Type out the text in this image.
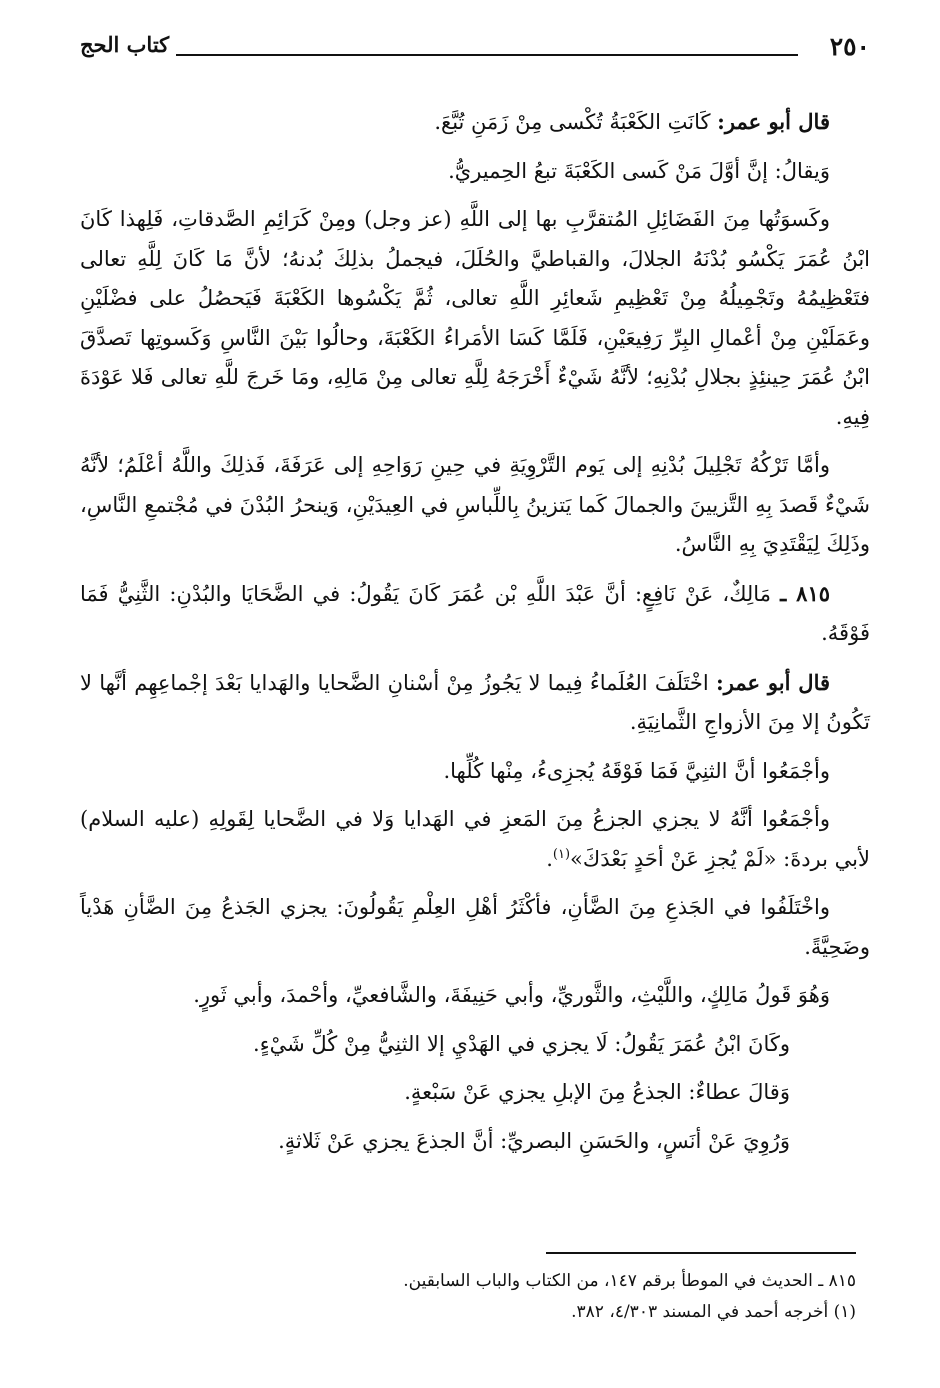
٢٥٠
كتاب الحج

قال أبو عمر: كَانَتِ الكَعْبَةُ تُكْسى مِنْ زَمَنِ تُبَّعَ.

وَيقالُ: إنَّ أوَّلَ مَنْ كَسى الكَعْبَةَ تبعُ الحِميريُّ.

وكَسوَتُها مِنَ الفَضَائِلِ المُتقرَّبِ بها إلى اللَّهِ (عز وجل) ومِنْ كَرَائِمِ الصَّدقاتِ، فَلِهذا كَانَ ابْنُ عُمَرَ يَكْسُو بُدْنَهُ الجلالَ، والقباطيَّ والحُلَلَ، فيجملُ بذلِكَ بُدنهُ؛ لأنَّ مَا كَانَ لِلَّهِ تعالى فتَعْظِيمُهُ وتَجْمِيلُهُ مِنْ تَعْظِيمِ شَعائِرِ اللَّهِ تعالى، ثُمَّ يَكْسُوها الكَعْبَةَ فَيَحصُلُ على فضْلَيْنِ وعَمَلَيْنِ مِنْ أعْمالِ البِرِّ رَفِيعَيْنِ، فَلَمَّا كَسَا الأمَراءُ الكَعْبَةَ، وحالُوا بَيْنَ النَّاسِ وَكَسوتِها تَصدَّقَ ابْنُ عُمَرَ حِينئِذٍ بجلالِ بُدْنِهِ؛ لأنَّهُ شَيْءٌ أَخْرَجَهُ لِلَّهِ تعالى مِنْ مَالِهِ، ومَا خَرجَ للَّهِ تعالى فَلا عَوْدَةَ فِيهِ.

وأمَّا تَرْكُهُ تَجْلِيلَ بُدْنِهِ إلى يَوم التَّرْوِيَةِ في حِينِ رَوَاحِهِ إلى عَرَفَةَ، فَذلِكَ واللَّهُ أعْلَمُ؛ لأنَّهُ شَيْءٌ قَصدَ بِهِ التَّزيينَ والجمالَ كَما يَتزينُ بِاللِّباسِ في العِيدَيْنِ، وَينحرُ البُدْنَ في مُجْتمعِ النَّاسِ، وذَلِكَ لِيَقْتَدِيَ بِهِ النَّاسُ.

٨١٥ ـ مَالِكٌ، عَنْ نَافِعٍ: أنَّ عَبْدَ اللَّهِ بْن عُمَرَ كَانَ يَقُولُ: في الضَّحَايَا والبُدْنِ: الثَّنِيُّ فَمَا فَوْقَهُ.

قال أبو عمر: اخْتَلَفَ العُلَماءُ فِيما لا يَجُوزُ مِنْ أسْنانِ الضَّحايا والهَدايا بَعْدَ إجْماعِهِم أنَّها لا تَكُونُ إلا مِنَ الأزواجِ الثَّمانِيَةِ.

وأجْمَعُوا أنَّ الثنِيَّ فَمَا فَوْقَهُ يُجزِىءُ، مِنْها كُلِّها.

وأجْمَعُوا أنَّهُ لا يجزي الجزعُ مِنَ المَعزِ في الهَدايا وَلا في الضَّحايا لِقَولِهِ (عليه السلام) لأبي بردةَ: «لَمْ يُجزِ عَنْ أحَدٍ بَعْدَكَ»$^{(١)}$.

واخْتَلَفُوا في الجَذعِ مِنَ الضَّأنِ، فأكْثَرُ أهْلِ العِلْمِ يَقُولُونَ: يجزي الجَذعُ مِنَ الضَّأنِ هَدْياً وضَحِيَّةً.

وَهُوَ قَولُ مَالِكٍ، واللَّيْثِ، والثَّوريِّ، وأبي حَنِيفَةَ، والشَّافعيِّ، وأحْمدَ، وأبي ثَورٍ.

وكَانَ ابْنُ عُمَرَ يَقُولُ: لَا يجزي في الهَدْيِ إلا الثنِيُّ مِنْ كُلِّ شَيْءٍ.

وَقالَ عطاءٌ: الجذعُ مِنَ الإبلِ يجزي عَنْ سَبْعةٍ.

وَرُوِيَ عَنْ أنَسٍ، والحَسَنِ البصريِّ: أنَّ الجذعَ يجزي عَنْ ثَلاثةٍ.

٨١٥ ـ الحديث في الموطأ برقم ١٤٧، من الكتاب والباب السابقين.

(١) أخرجه أحمد في المسند ٤/٣٠٣، ٣٨٢.
